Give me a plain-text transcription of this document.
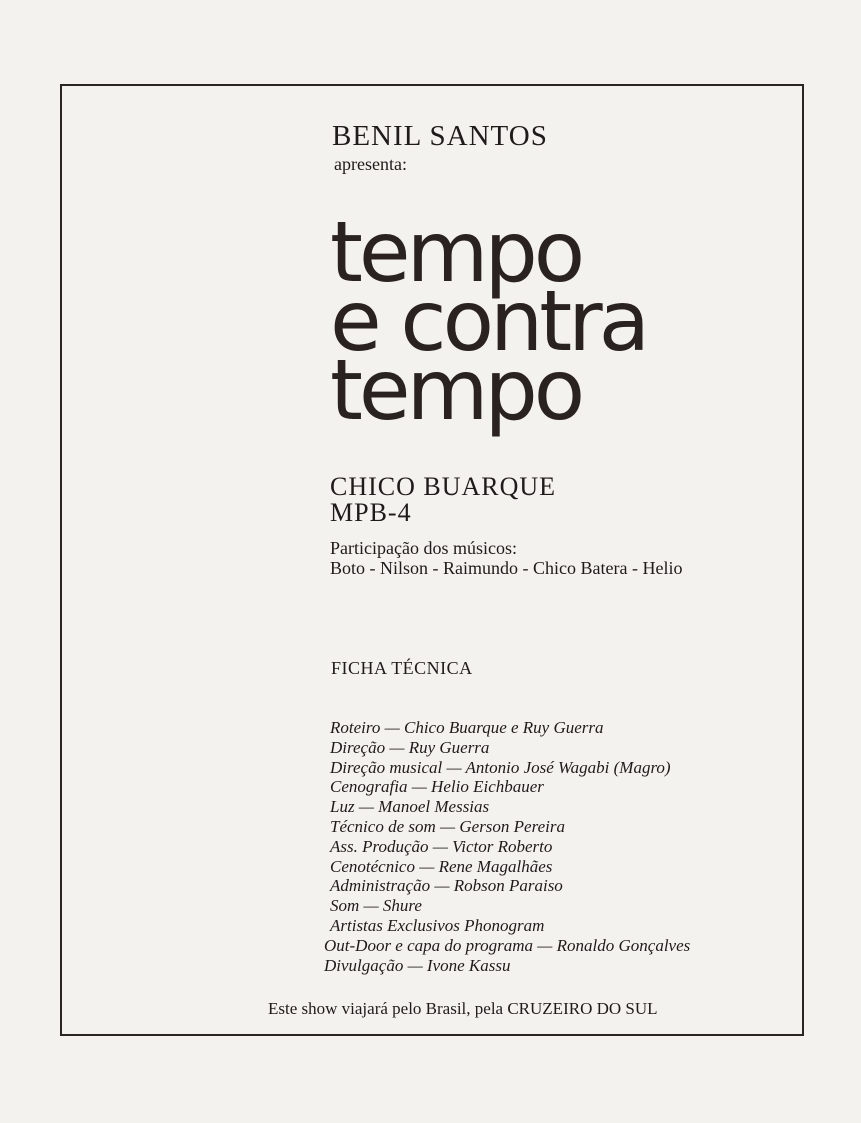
BENIL SANTOS
apresenta:
tempo
e contra
tempo
CHICO BUARQUE
MPB-4
Participação dos músicos:
Boto - Nilson - Raimundo - Chico Batera - Helio
FICHA TÉCNICA
Roteiro — Chico Buarque e Ruy Guerra
Direção — Ruy Guerra
Direção musical — Antonio José Wagabi (Magro)
Cenografia — Helio Eichbauer
Luz — Manoel Messias
Técnico de som — Gerson Pereira
Ass. Produção — Victor Roberto
Cenotécnico — Rene Magalhães
Administração — Robson Paraiso
Som — Shure
Artistas Exclusivos Phonogram
Out-Door e capa do programa — Ronaldo Gonçalves
Divulgação — Ivone Kassu
Este show viajará pelo Brasil, pela CRUZEIRO DO SUL
